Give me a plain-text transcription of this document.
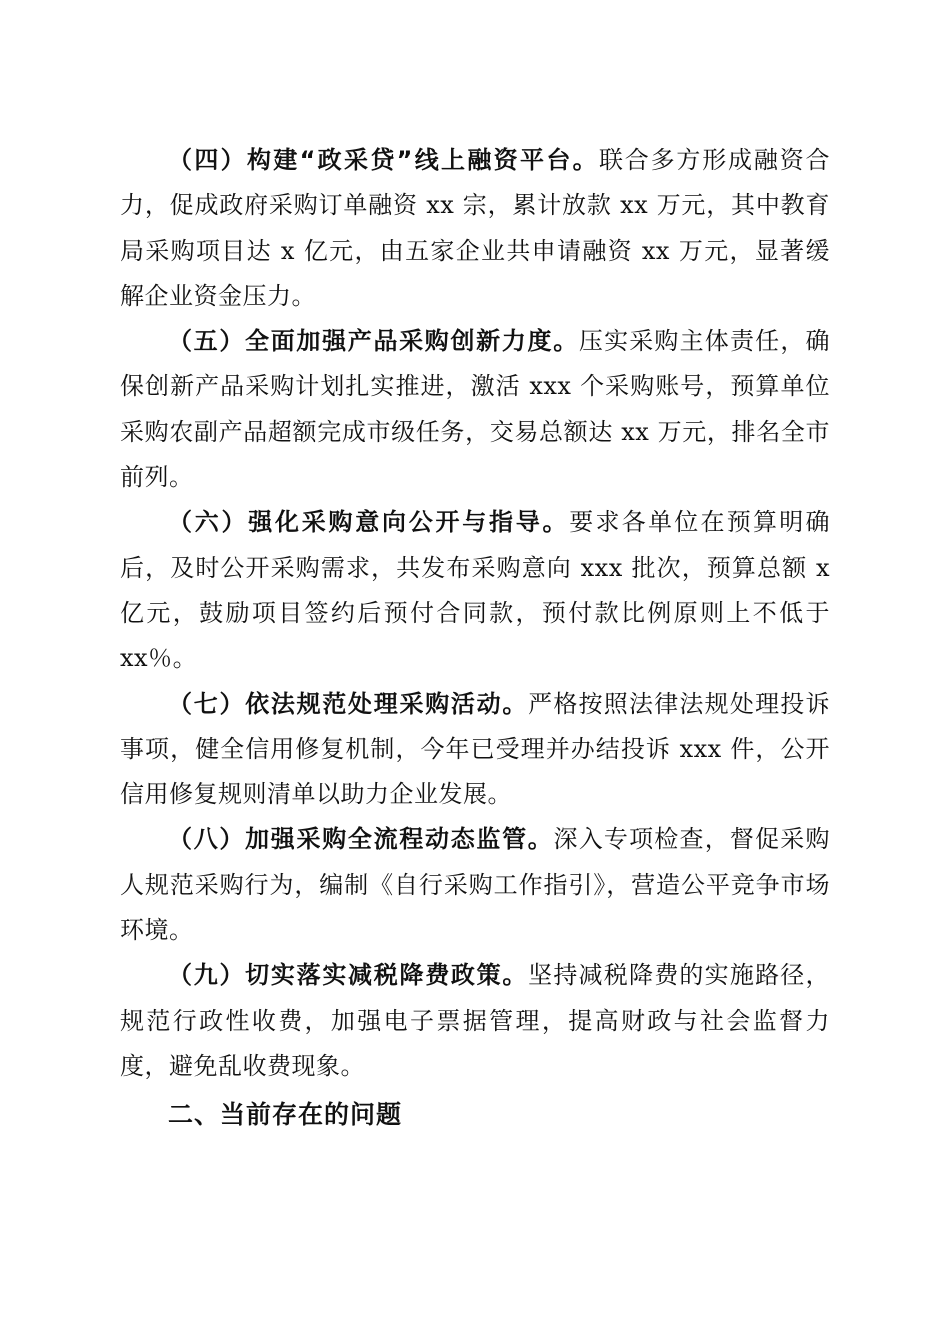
（四）构建“政采贷”线上融资平台。联合多方形成融资合力，促成政府采购订单融资 xx 宗，累计放款 xx 万元，其中教育局采购项目达 x 亿元，由五家企业共申请融资 xx 万元，显著缓解企业资金压力。

（五）全面加强产品采购创新力度。压实采购主体责任，确保创新产品采购计划扎实推进，激活 xxx 个采购账号，预算单位采购农副产品超额完成市级任务，交易总额达 xx 万元，排名全市前列。

（六）强化采购意向公开与指导。要求各单位在预算明确后，及时公开采购需求，共发布采购意向 xxx 批次，预算总额 x 亿元，鼓励项目签约后预付合同款，预付款比例原则上不低于 xx％。

（七）依法规范处理采购活动。严格按照法律法规处理投诉事项，健全信用修复机制，今年已受理并办结投诉 xxx 件，公开信用修复规则清单以助力企业发展。

（八）加强采购全流程动态监管。深入专项检查，督促采购人规范采购行为，编制《自行采购工作指引》，营造公平竞争市场环境。

（九）切实落实减税降费政策。坚持减税降费的实施路径，规范行政性收费，加强电子票据管理，提高财政与社会监督力度，避免乱收费现象。

二、当前存在的问题
